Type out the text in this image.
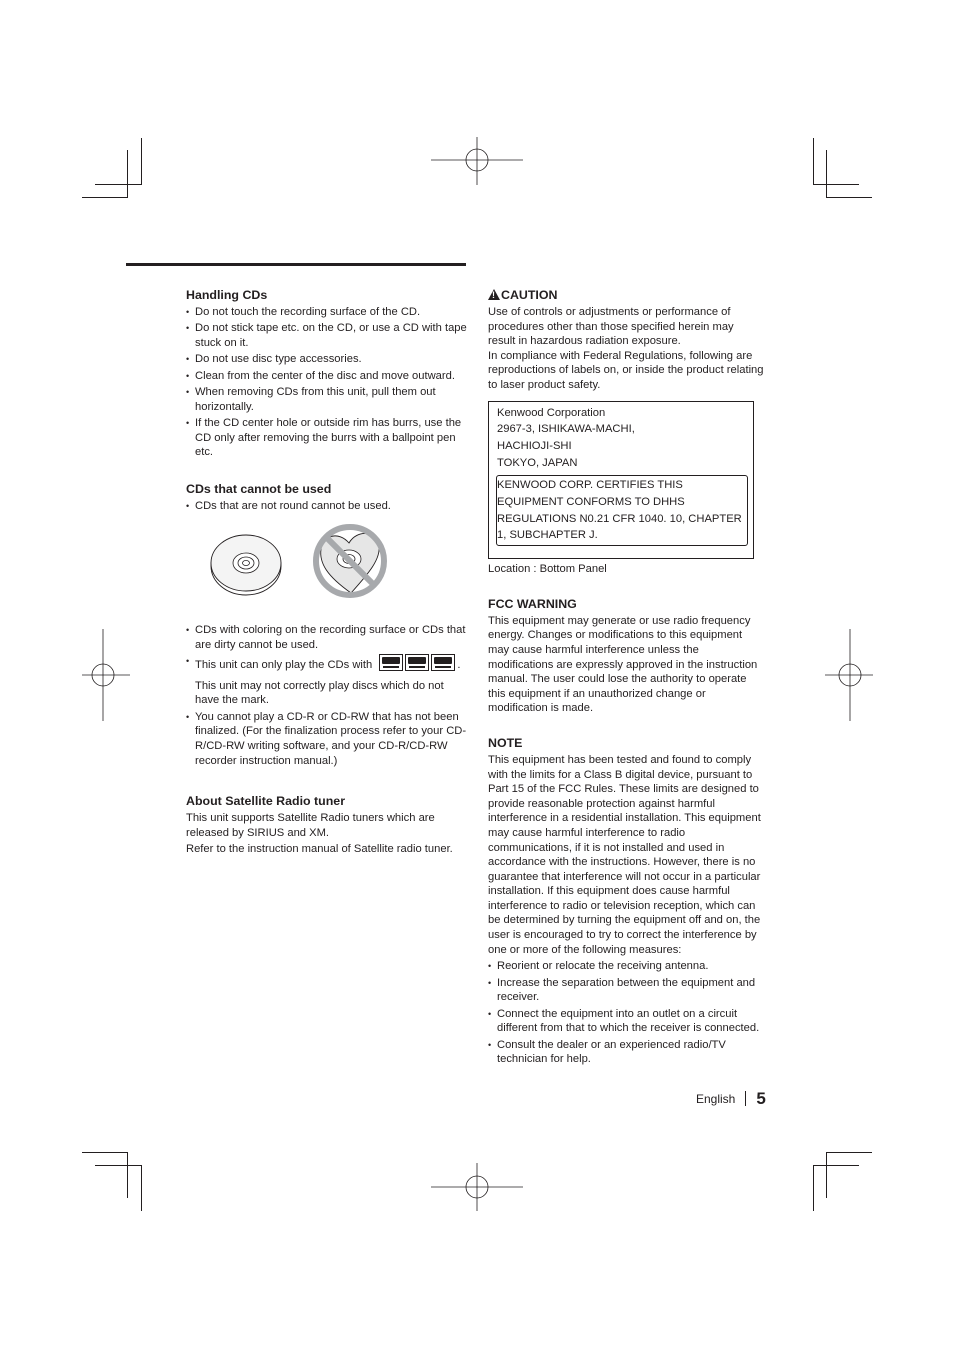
Handling CDs
• Do not touch the recording surface of the CD.
• Do not stick tape etc. on the CD, or use a CD with tape stuck on it.
• Do not use disc type accessories.
• Clean from the center of the disc and move outward.
• When removing CDs from this unit, pull them out horizontally.
• If the CD center hole or outside rim has burrs, use the CD only after removing the burrs with a ballpoint pen etc.
CDs that cannot be used
• CDs that are not round cannot be used.
• CDs with coloring on the recording surface or CDs that are dirty cannot be used.
• This unit can only play the CDs with	.
This unit may not correctly play discs which do not have the mark.
• You cannot play a CD-R or CD-RW that has not been finalized. (For the finalization process refer to your CD-R/CD-RW writing software, and your CD-R/CD-RW recorder instruction manual.)
About Satellite Radio tuner

This unit supports Satellite Radio tuners which are released by SIRIUS and XM.

Refer to the instruction manual of Satellite radio tuner.

!CAUTION

Use of controls or adjustments or performance of procedures other than those specified herein may result in hazardous radiation exposure.

In compliance with Federal Regulations, following are reproductions of labels on, or inside the product relating to laser product safety.

Kenwood Corporation
2967-3, ISHIKAWA-MACHI,
HACHIOJI-SHI
TOKYO, JAPAN
KENWOOD CORP. CERTIFIES THIS EQUIPMENT CONFORMS TO DHHS REGULATIONS N0.21 CFR 1040. 10, CHAPTER 1, SUBCHAPTER J.

Location : Bottom Panel

FCC WARNING

This equipment may generate or use radio frequency energy. Changes or modifications to this equipment may cause harmful interference unless the modifications are expressly approved in the instruction manual. The user could lose the authority to operate this equipment if an unauthorized change or modification is made.

NOTE

This equipment has been tested and found to comply with the limits for a Class B digital device, pursuant to Part 15 of the FCC Rules. These limits are designed to provide reasonable protection against harmful interference in a residential installation. This equipment may cause harmful interference to radio communications, if it is not installed and used in accordance with the instructions. However, there is no guarantee that interference will not occur in a particular installation. If this equipment does cause harmful interference to radio or television reception, which can be determined by turning the equipment off and on, the user is encouraged to try to correct the interference by one or more of the following measures:

• Reorient or relocate the receiving antenna.
• Increase the separation between the equipment and receiver.
• Connect the equipment into an outlet on a circuit different from that to which the receiver is connected.
• Consult the dealer or an experienced radio/TV technician for help.
English 5
